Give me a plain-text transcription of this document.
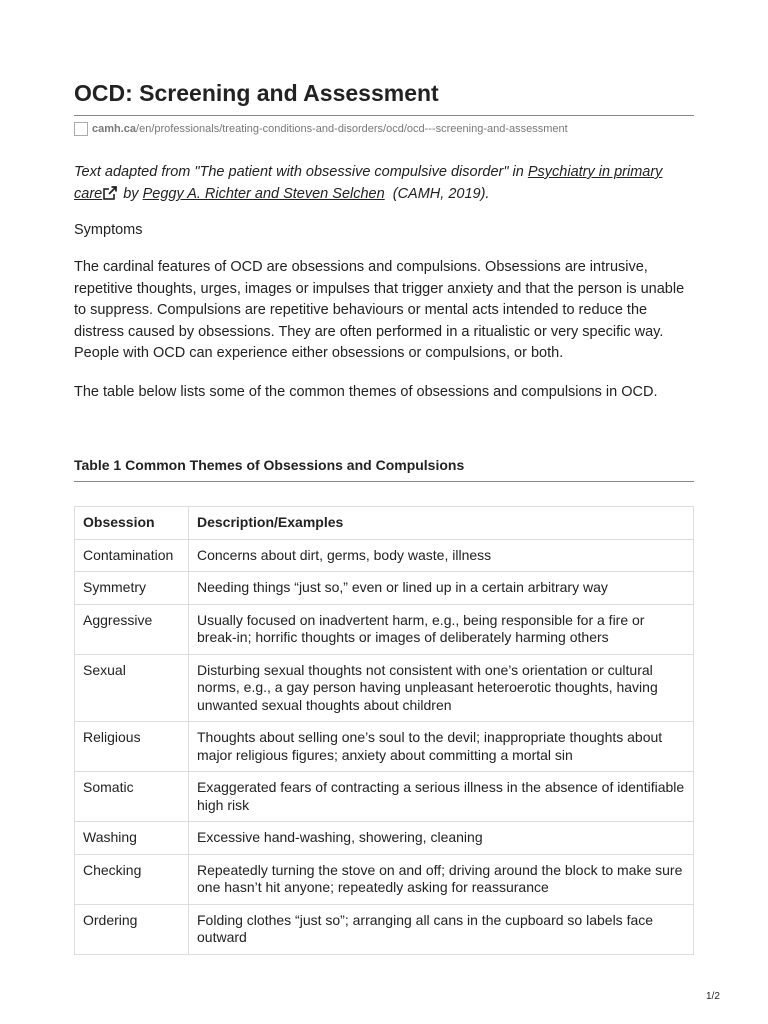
OCD: Screening and Assessment
camh.ca/en/professionals/treating-conditions-and-disorders/ocd/ocd---screening-and-assessment

Text adapted from "The patient with obsessive compulsive disorder" in Psychiatry in primary care by Peggy A. Richter and Steven Selchen  (CAMH, 2019).

Symptoms

The cardinal features of OCD are obsessions and compulsions. Obsessions are intrusive, repetitive thoughts, urges, images or impulses that trigger anxiety and that the person is unable to suppress. Compulsions are repetitive behaviours or mental acts intended to reduce the distress caused by obsessions. They are often performed in a ritualistic or very specific way. People with OCD can experience either obsessions or compulsions, or both.

The table below lists some of the common themes of obsessions and compulsions in OCD.

Table 1 Common Themes of Obsessions and Compulsions

Obsession	Description/Examples
Contamination	Concerns about dirt, germs, body waste, illness
Symmetry	Needing things “just so,” even or lined up in a certain arbitrary way
Aggressive	Usually focused on inadvertent harm, e.g., being responsible for a fire or break-in; horrific thoughts or images of deliberately harming others
Sexual	Disturbing sexual thoughts not consistent with one’s orientation or cultural norms, e.g., a gay person having unpleasant heteroerotic thoughts, having unwanted sexual thoughts about children
Religious	Thoughts about selling one’s soul to the devil; inappropriate thoughts about major religious figures; anxiety about committing a mortal sin
Somatic	Exaggerated fears of contracting a serious illness in the absence of identifiable high risk
Washing	Excessive hand-washing, showering, cleaning
Checking	Repeatedly turning the stove on and off; driving around the block to make sure one hasn’t hit anyone; repeatedly asking for reassurance
Ordering	Folding clothes “just so”; arranging all cans in the cupboard so labels face outward
1/2
